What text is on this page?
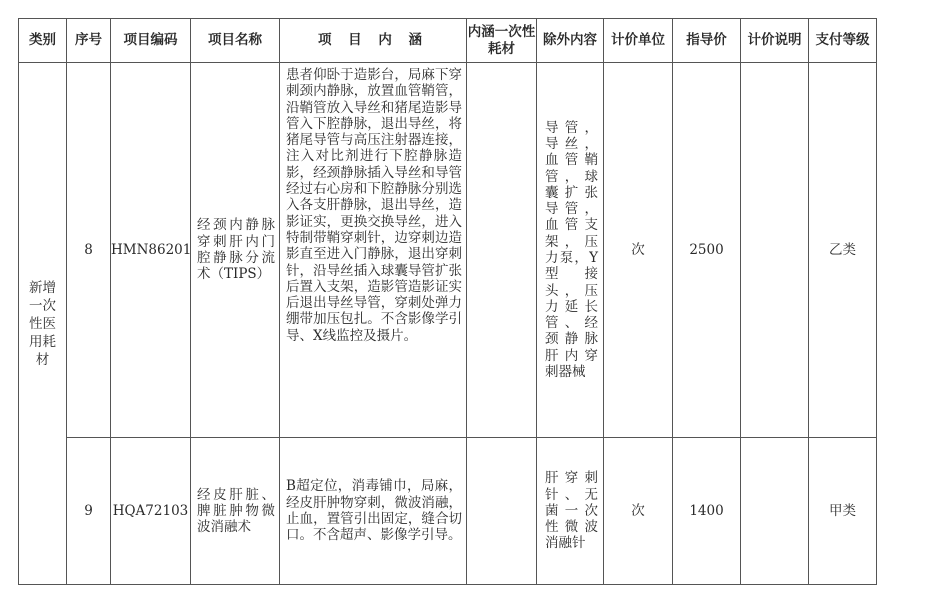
类别	序号	项目编码	项目名称	项 目 内 涵	内涵一次性耗材	除外内容	计价单位	指导价	计价说明	支付等级
新增一次性医用耗材	8	HMN86201	经颈内静脉穿刺肝内门腔静脉分流术（TIPS）	患者仰卧于造影台，局麻下穿刺颈内静脉，放置血管鞘管，沿鞘管放入导丝和猪尾造影导管入下腔静脉，退出导丝，将猪尾导管与高压注射器连接，注入对比剂进行下腔静脉造影，经颈静脉插入导丝和导管经过右心房和下腔静脉分别选入各支肝静脉，退出导丝，造影证实，更换交换导丝，进入特制带鞘穿刺针，边穿刺边造影直至进入门静脉，退出穿刺针，沿导丝插入球囊导管扩张后置入支架，造影管造影证实后退出导丝导管，穿刺处弹力绷带加压包扎。不含影像学引导、X线监控及摄片。		导管，导丝，血管鞘管，球囊扩张导管，血管支架，压力泵，Y型接头，压力延长管、经颈静脉肝内穿刺器械	次	2500		乙类
	9	HQA72103	经皮肝脏、脾脏肿物微波消融术	B超定位，消毒铺巾，局麻，经皮肝肿物穿刺，微波消融，止血，置管引出固定，缝合切口。不含超声、影像学引导。		肝穿刺针、无菌一次性微波消融针	次	1400		甲类
